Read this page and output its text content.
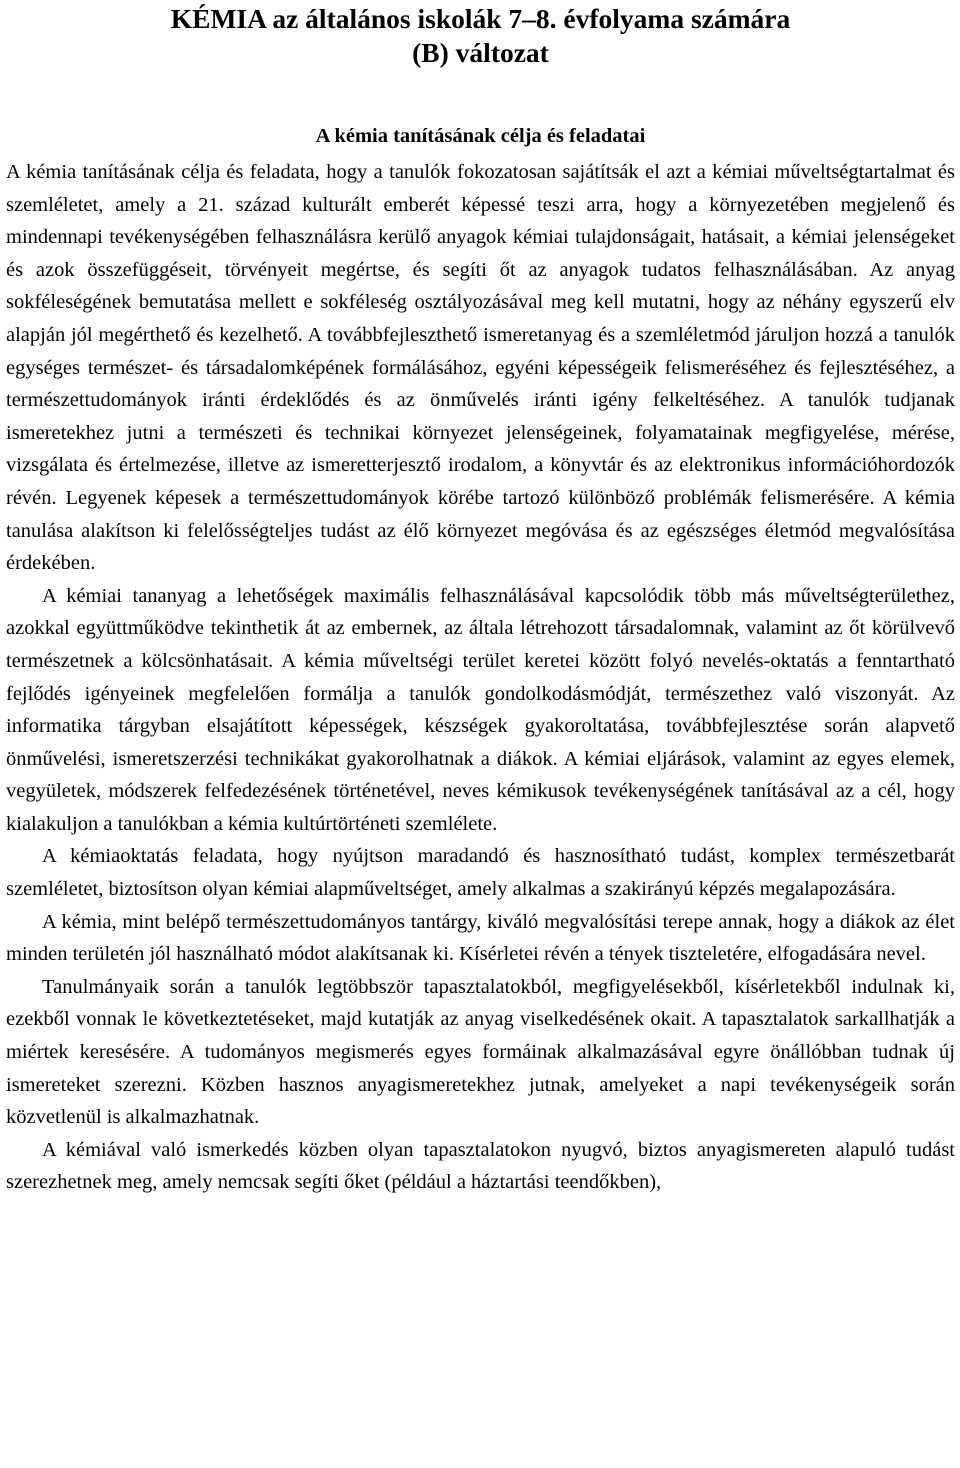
KÉMIA az általános iskolák 7–8. évfolyama számára
(B) változat
A kémia tanításának célja és feladatai

A kémia tanításának célja és feladata, hogy a tanulók fokozatosan sajátítsák el azt a kémiai műveltségtartalmat és szemléletet, amely a 21. század kulturált emberét képessé teszi arra, hogy a környezetében megjelenő és mindennapi tevékenységében felhasználásra kerülő anyagok kémiai tulajdonságait, hatásait, a kémiai jelenségeket és azok összefüggéseit, törvényeit megértse, és segíti őt az anyagok tudatos felhasználásában. Az anyag sokféleségének bemutatása mellett e sokféleség osztályozásával meg kell mutatni, hogy az néhány egyszerű elv alapján jól megérthető és kezelhető. A továbbfejleszthető ismeretanyag és a szemléletmód járuljon hozzá a tanulók egységes természet- és társadalomképének formálásához, egyéni képességeik felismeréséhez és fejlesztéséhez, a természettudományok iránti érdeklődés és az önművelés iránti igény felkeltéséhez. A tanulók tudjanak ismeretekhez jutni a természeti és technikai környezet jelenségeinek, folyamatainak megfigyelése, mérése, vizsgálata és értelmezése, illetve az ismeretterjesztő irodalom, a könyvtár és az elektronikus információhordozók révén. Legyenek képesek a természettudományok körébe tartozó különböző problémák felismerésére. A kémia tanulása alakítson ki felelősségteljes tudást az élő környezet megóvása és az egészséges életmód megvalósítása érdekében.

A kémiai tananyag a lehetőségek maximális felhasználásával kapcsolódik több más műveltségterülethez, azokkal együttműködve tekinthetik át az embernek, az általa létrehozott társadalomnak, valamint az őt körülvevő természetnek a kölcsönhatásait. A kémia műveltségi terület keretei között folyó nevelés-oktatás a fenntartható fejlődés igényeinek megfelelően formálja a tanulók gondolkodásmódját, természethez való viszonyát. Az informatika tárgyban elsajátított képességek, készségek gyakoroltatása, továbbfejlesztése során alapvető önművelési, ismeretszerzési technikákat gyakorolhatnak a diákok. A kémiai eljárások, valamint az egyes elemek, vegyületek, módszerek felfedezésének történetével, neves kémikusok tevékenységének tanításával az a cél, hogy kialakuljon a tanulókban a kémia kultúrtörténeti szemlélete.

A kémiaoktatás feladata, hogy nyújtson maradandó és hasznosítható tudást, komplex természetbarát szemléletet, biztosítson olyan kémiai alapműveltséget, amely alkalmas a szakirányú képzés megalapozására.

A kémia, mint belépő természettudományos tantárgy, kiváló megvalósítási terepe annak, hogy a diákok az élet minden területén jól használható módot alakítsanak ki. Kísérletei révén a tények tiszteletére, elfogadására nevel.

Tanulmányaik során a tanulók legtöbbször tapasztalatokból, megfigyelésekből, kísérletekből indulnak ki, ezekből vonnak le következtetéseket, majd kutatják az anyag viselkedésének okait. A tapasztalatok sarkallhatják a miértek keresésére. A tudományos megismerés egyes formáinak alkalmazásával egyre önállóbban tudnak új ismereteket szerezni. Közben hasznos anyagismeretekhez jutnak, amelyeket a napi tevékenységeik során közvetlenül is alkalmazhatnak.

A kémiával való ismerkedés közben olyan tapasztalatokon nyugvó, biztos anyagismereten alapuló tudást szerezhetnek meg, amely nemcsak segíti őket (például a háztartási teendőkben),
